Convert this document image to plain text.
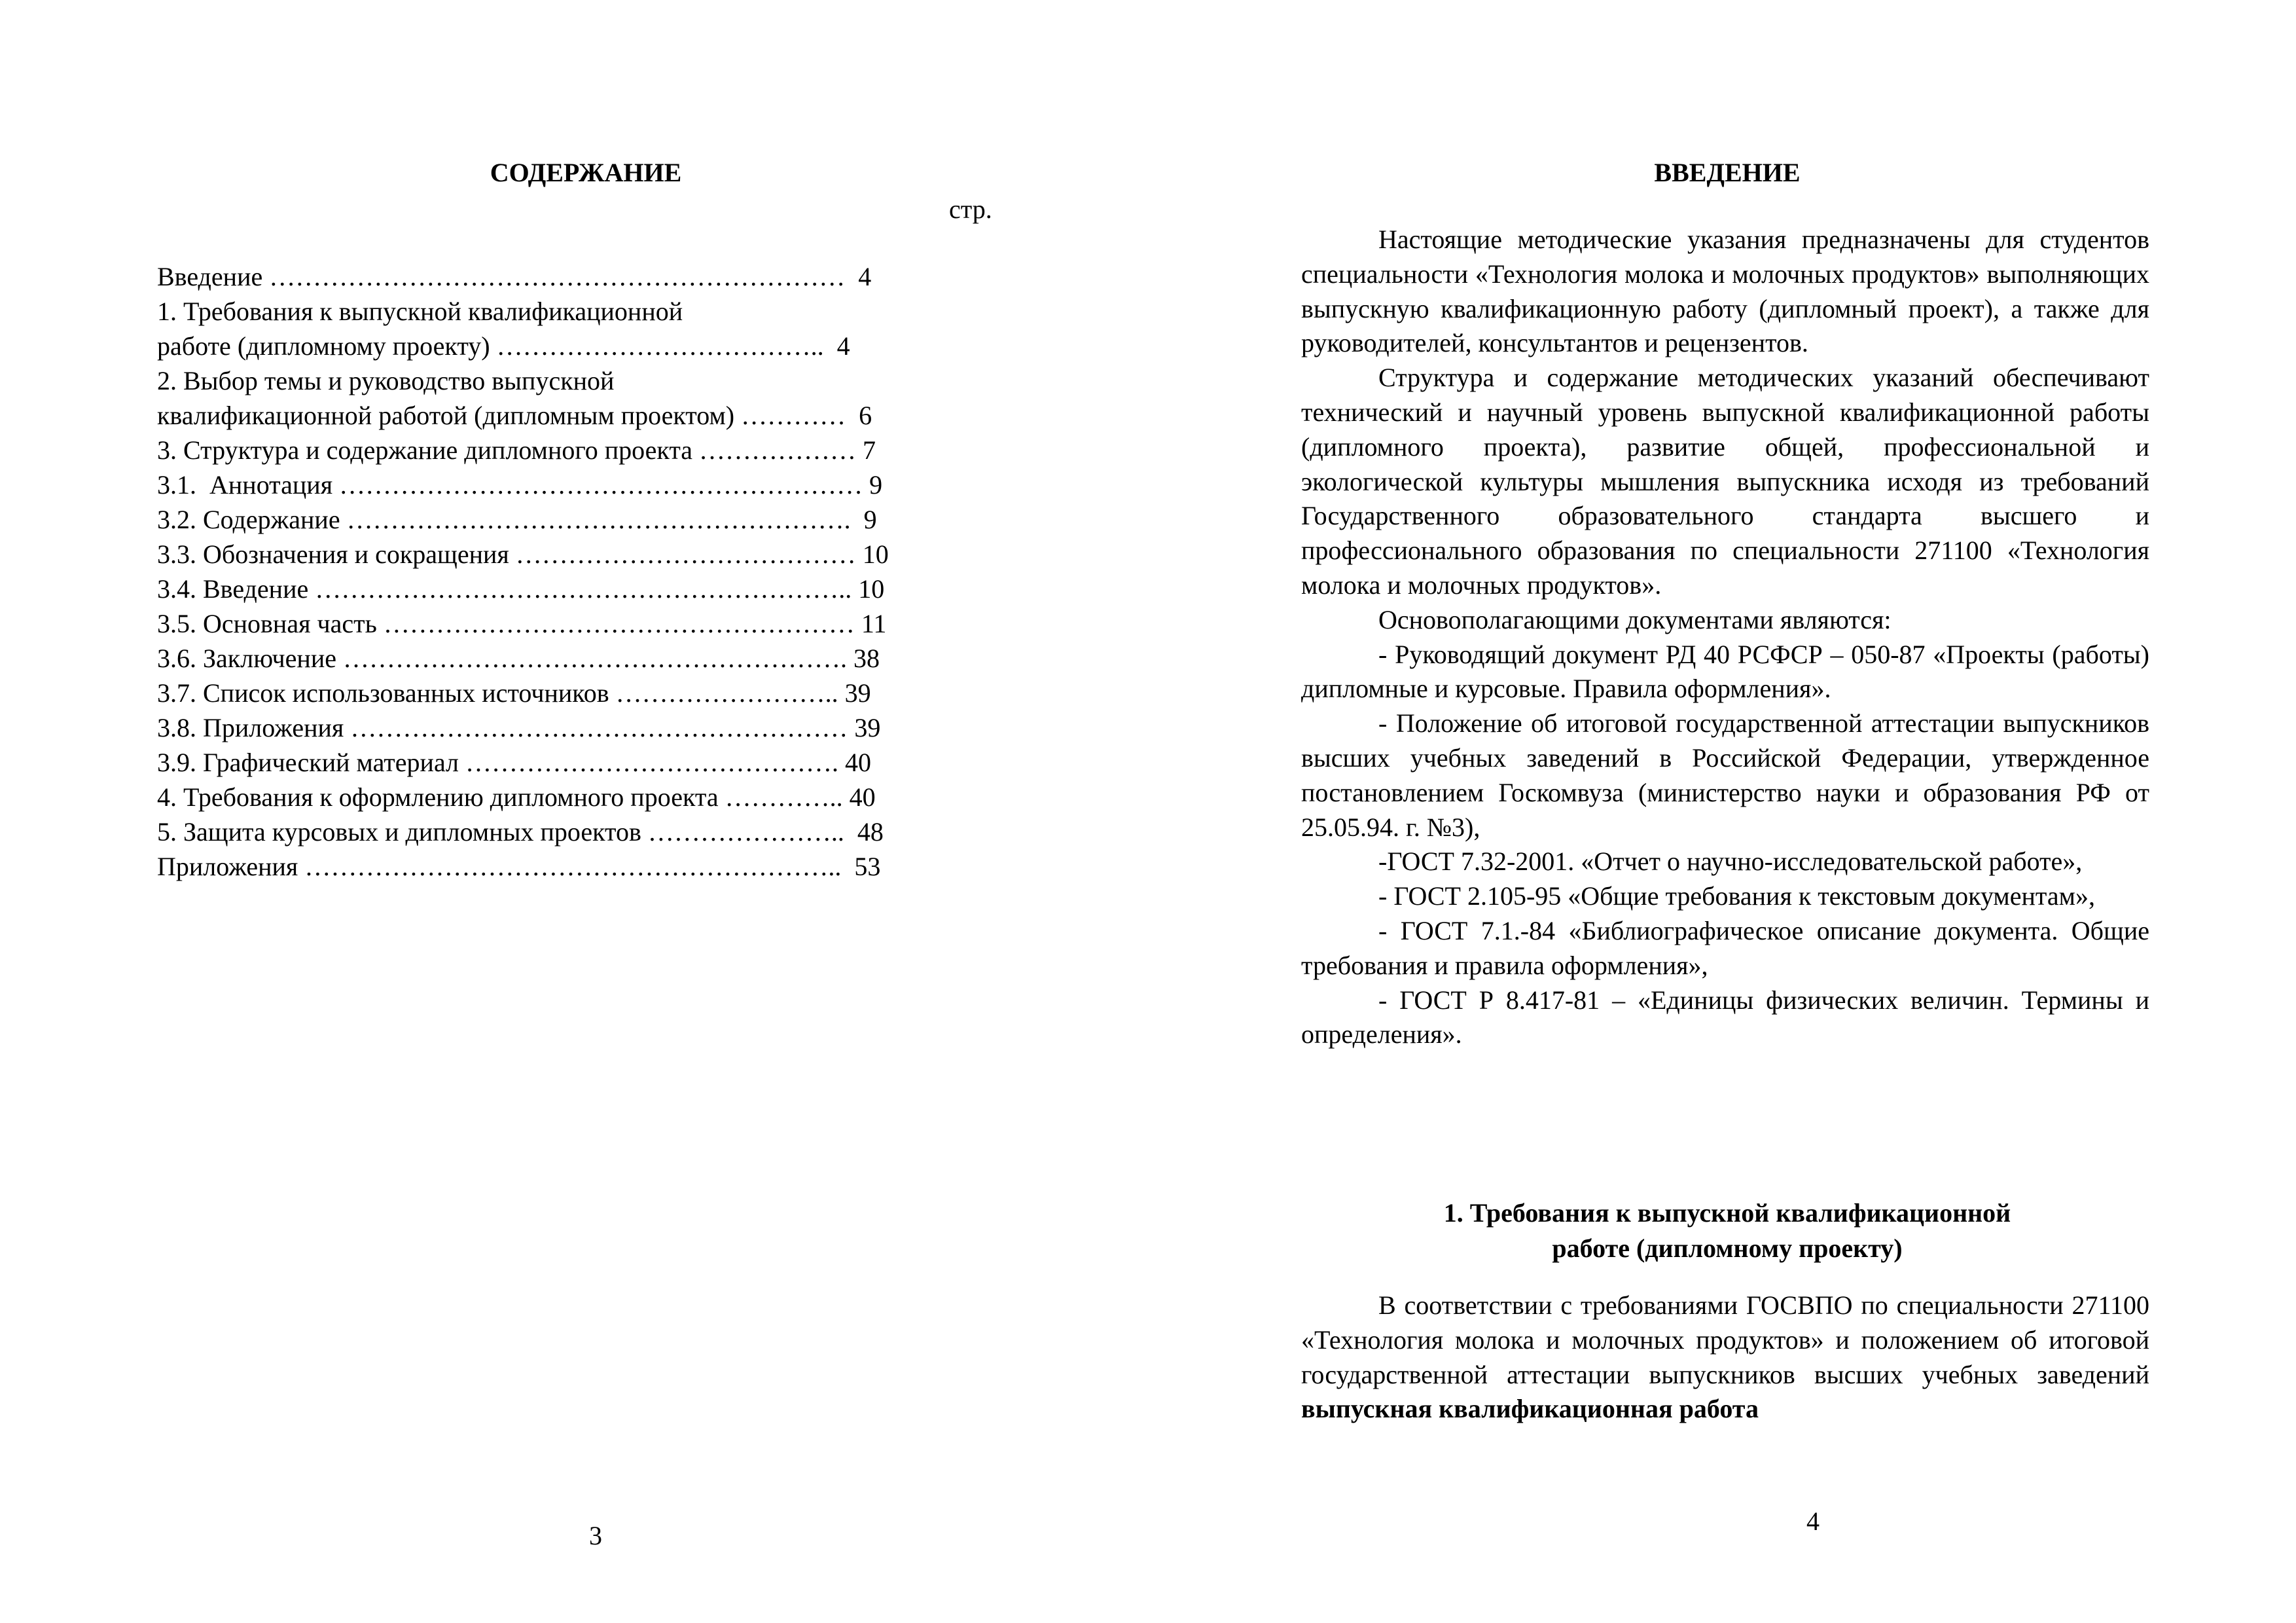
СОДЕРЖАНИЕ
стр.
Введение …………………………………………………………  4
1. Требования к выпускной квалификационной
работе (дипломному проекту) ………………………………..  4
2. Выбор темы и руководство выпускной
квалификационной работой (дипломным проектом) …………  6
3. Структура и содержание дипломного проекта ……………… 7
3.1.  Аннотация …………………………………………………… 9
3.2. Содержание ………………………………………………….  9
3.3. Обозначения и сокращения ………………………………… 10
3.4. Введение …………………………………………………….. 10
3.5. Основная часть ……………………………………………… 11
3.6. Заключение …………………………………………………. 38
3.7. Список использованных источников …………………….. 39
3.8. Приложения ………………………………………………… 39
3.9. Графический материал ……………………………………. 40
4. Требования к оформлению дипломного проекта ………….. 40
5. Защита курсовых и дипломных проектов …………………..  48
Приложения ……………………………………………………..  53
3
ВВЕДЕНИЕ

Настоящие методические указания предназначены для студентов специальности «Технология молока и молочных продуктов» выполняющих выпускную квалификационную работу (дипломный проект), а также для руководителей, консультантов и рецензентов.

Структура и содержание методических указаний обеспечивают технический и научный уровень выпускной квалификационной работы (дипломного проекта), развитие общей, профессиональной и экологической культуры мышления выпускника исходя из требований Государственного образовательного стандарта высшего и профессионального образования по специальности 271100 «Технология молока и молочных продуктов».

Основополагающими документами являются:

- Руководящий документ РД 40 РСФСР – 050-87 «Проекты (работы) дипломные и курсовые. Правила оформления».

- Положение об итоговой государственной аттестации выпускников высших учебных заведений в Российской Федерации, утвержденное постановлением Госкомвуза (министерство науки и образования РФ от 25.05.94. г. №3),

-ГОСТ 7.32-2001. «Отчет о научно-исследовательской работе»,

- ГОСТ 2.105-95 «Общие требования к текстовым документам»,

- ГОСТ 7.1.-84 «Библиографическое описание документа. Общие требования и правила оформления»,

- ГОСТ Р 8.417-81 – «Единицы физических величин. Термины и определения».

1. Требования к выпускной квалификационной
работе (дипломному проекту)

В соответствии с требованиями ГОСВПО по специальности 271100 «Технология молока и молочных продуктов» и положением об итоговой государственной аттестации выпускников высших учебных заведений выпускная квалификационная работа

4
